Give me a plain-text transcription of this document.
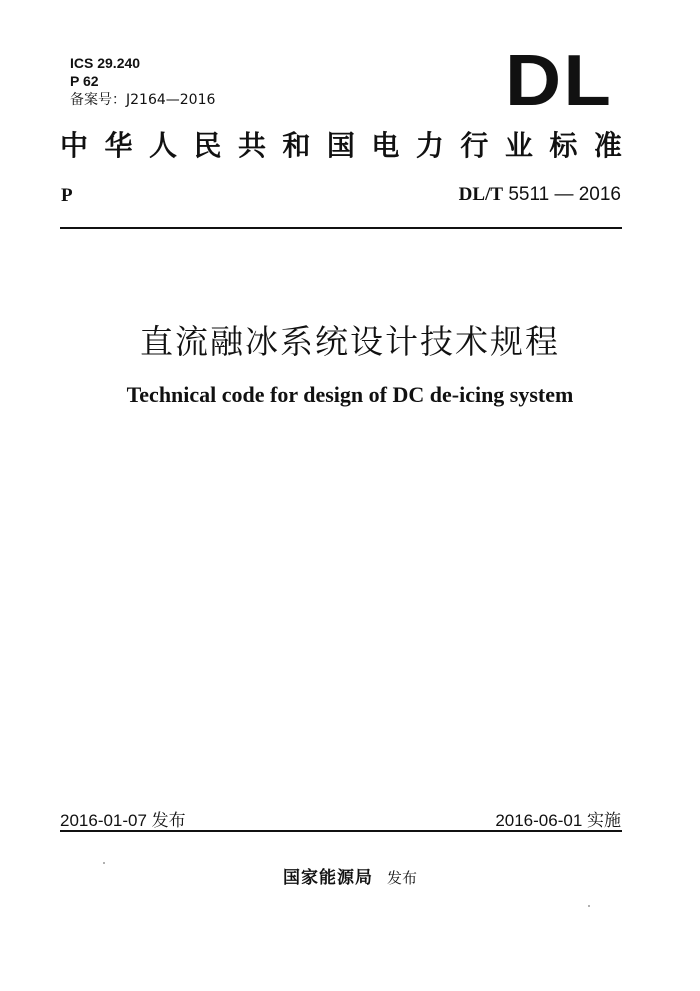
ICS 29.240
P 62
备案号：J2164—2016	DL
中 华 人 民 共 和 国 电 力 行 业 标 准
P	DL/T 5511 — 2016
直流融冰系统设计技术规程
Technical code for design of DC de-icing system
2016-01-07 发布	2016-06-01 实施
国家能源局 发布
